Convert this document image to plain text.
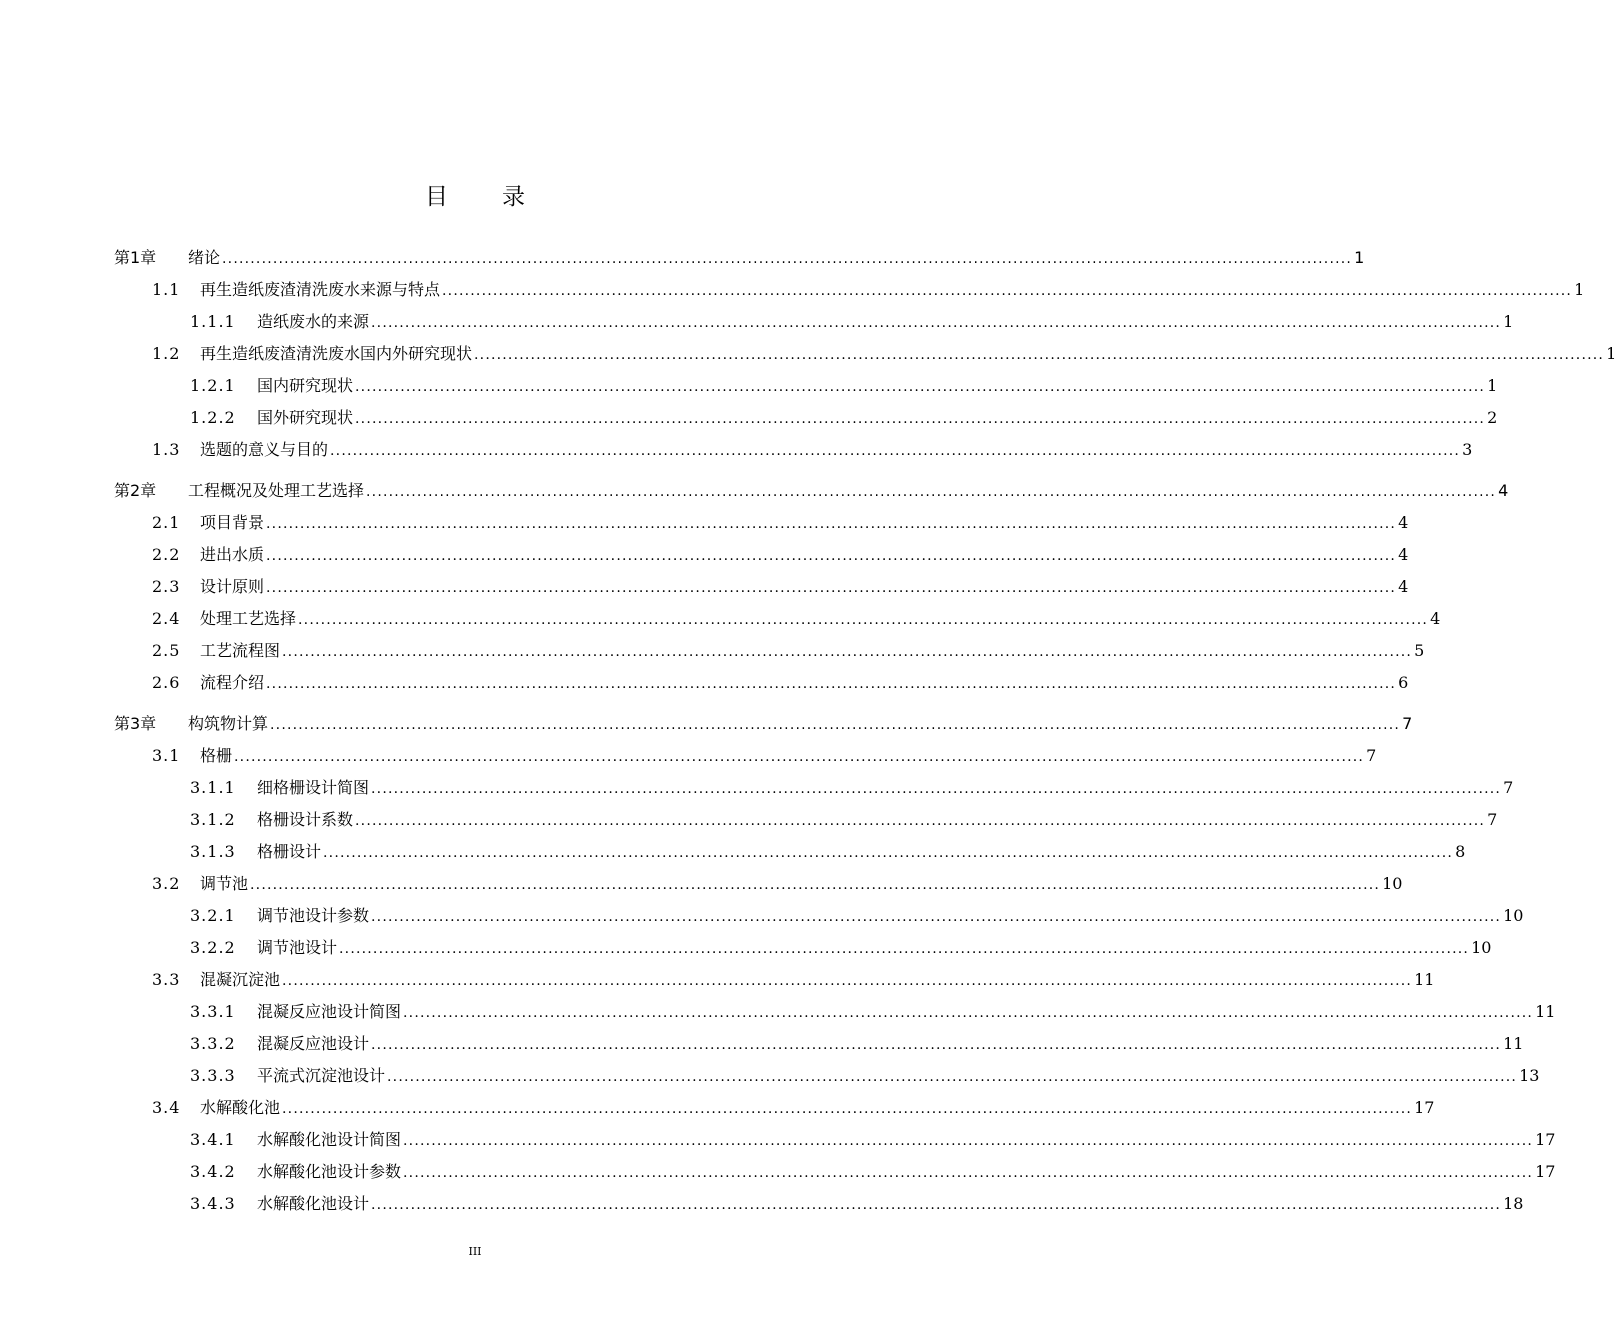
目 录
第1章	绪论 ........................................................................................................................................................................................................ 1
1.1	再生造纸废渣清洗废水来源与特点 ........................................................................................................................................................................................................ 1
1.1.1	造纸废水的来源 ........................................................................................................................................................................................................ 1
1.2	再生造纸废渣清洗废水国内外研究现状 ........................................................................................................................................................................................................ 1
1.2.1	国内研究现状 ........................................................................................................................................................................................................ 1
1.2.2	国外研究现状 ........................................................................................................................................................................................................ 2
1.3	选题的意义与目的 ........................................................................................................................................................................................................ 3
第2章	工程概况及处理工艺选择 ........................................................................................................................................................................................................ 4
2.1	项目背景 ........................................................................................................................................................................................................ 4
2.2	进出水质 ........................................................................................................................................................................................................ 4
2.3	设计原则 ........................................................................................................................................................................................................ 4
2.4	处理工艺选择 ........................................................................................................................................................................................................ 4
2.5	工艺流程图 ........................................................................................................................................................................................................ 5
2.6	流程介绍 ........................................................................................................................................................................................................ 6
第3章	构筑物计算 ........................................................................................................................................................................................................ 7
3.1	格栅 ........................................................................................................................................................................................................ 7
3.1.1	细格栅设计简图 ........................................................................................................................................................................................................ 7
3.1.2	格栅设计系数 ........................................................................................................................................................................................................ 7
3.1.3	格栅设计 ........................................................................................................................................................................................................ 8
3.2	调节池 ........................................................................................................................................................................................................ 10
3.2.1	调节池设计参数 ........................................................................................................................................................................................................ 10
3.2.2	调节池设计 ........................................................................................................................................................................................................ 10
3.3	混凝沉淀池 ........................................................................................................................................................................................................ 11
3.3.1	混凝反应池设计简图 ........................................................................................................................................................................................................ 11
3.3.2	混凝反应池设计 ........................................................................................................................................................................................................ 11
3.3.3	平流式沉淀池设计 ........................................................................................................................................................................................................ 13
3.4	水解酸化池 ........................................................................................................................................................................................................ 17
3.4.1	水解酸化池设计简图 ........................................................................................................................................................................................................ 17
3.4.2	水解酸化池设计参数 ........................................................................................................................................................................................................ 17
3.4.3	水解酸化池设计 ........................................................................................................................................................................................................ 18
III
